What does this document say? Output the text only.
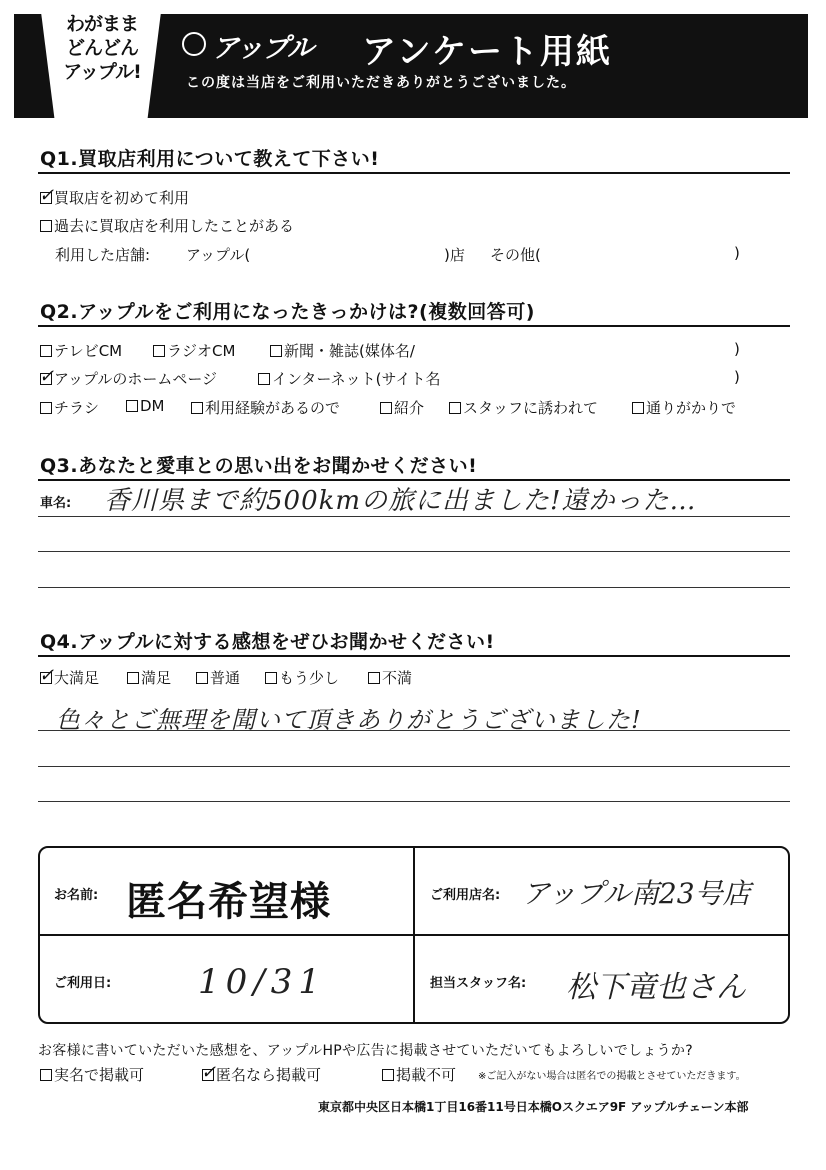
わがまま
どんどん
アップル!
アップル アンケート用紙
この度は当店をご利用いただきありがとうございました。
Q1.買取店利用について教えて下さい!
✓ 買取店を初めて利用
過去に買取店を利用したことがある
利用した店舗: アップル(	)店 その他(	)
Q2.アップルをご利用になったきっかけは?(複数回答可)
テレビCM	ラジオCM	新聞・雑誌(媒体名/	)
✓ アップルのホームページ	インターネット(サイト名	)
チラシ	DM	利用経験があるので	紹介	スタッフに誘われて	通りがかりで
Q3.あなたと愛車との思い出をお聞かせください!
車名: 香川県まで約500kmの旅に出ました!遠かった…
Q4.アップルに対する感想をぜひお聞かせください!
✓ 大満足	満足	普通	もう少し	不満
色々とご無理を聞いて頂きありがとうございました!
お名前: 匿名希望様	ご利用店名: アップル南23号店
ご利用日:	10/31	担当スタッフ名: 松下竜也さん
お客様に書いていただいた感想を、アップルHPや広告に掲載させていただいてもよろしいでしょうか?
実名で掲載可	✓ 匿名なら掲載可	掲載不可 ※ご記入がない場合は匿名での掲載とさせていただきます。
東京都中央区日本橋1丁目16番11号日本橋Oスクエア9F アップルチェーン本部
